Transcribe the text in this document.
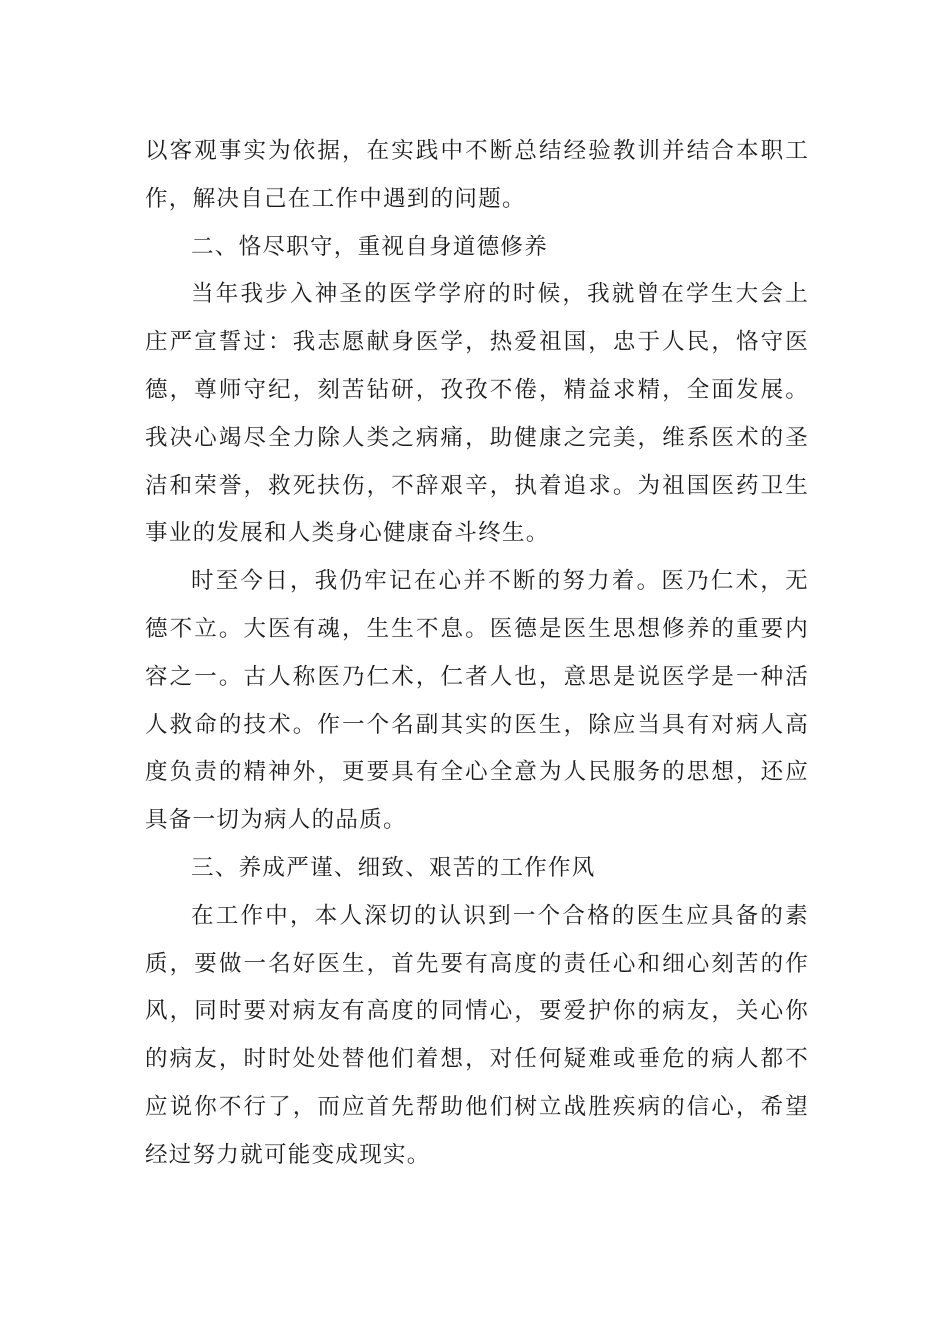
以客观事实为依据，在实践中不断总结经验教训并结合本职工作，解决自己在工作中遇到的问题。

二、恪尽职守，重视自身道德修养

当年我步入神圣的医学学府的时候，我就曾在学生大会上庄严宣誓过：我志愿献身医学，热爱祖国，忠于人民，恪守医德，尊师守纪，刻苦钻研，孜孜不倦，精益求精，全面发展。我决心竭尽全力除人类之病痛，助健康之完美，维系医术的圣洁和荣誉，救死扶伤，不辞艰辛，执着追求。为祖国医药卫生事业的发展和人类身心健康奋斗终生。

时至今日，我仍牢记在心并不断的努力着。医乃仁术，无德不立。大医有魂，生生不息。医德是医生思想修养的重要内容之一。古人称医乃仁术，仁者人也，意思是说医学是一种活人救命的技术。作一个名副其实的医生，除应当具有对病人高度负责的精神外，更要具有全心全意为人民服务的思想，还应具备一切为病人的品质。

三、养成严谨、细致、艰苦的工作作风

在工作中，本人深切的认识到一个合格的医生应具备的素质，要做一名好医生，首先要有高度的责任心和细心刻苦的作风，同时要对病友有高度的同情心，要爱护你的病友，关心你的病友，时时处处替他们着想，对任何疑难或垂危的病人都不应说你不行了，而应首先帮助他们树立战胜疾病的信心，希望经过努力就可能变成现实。
